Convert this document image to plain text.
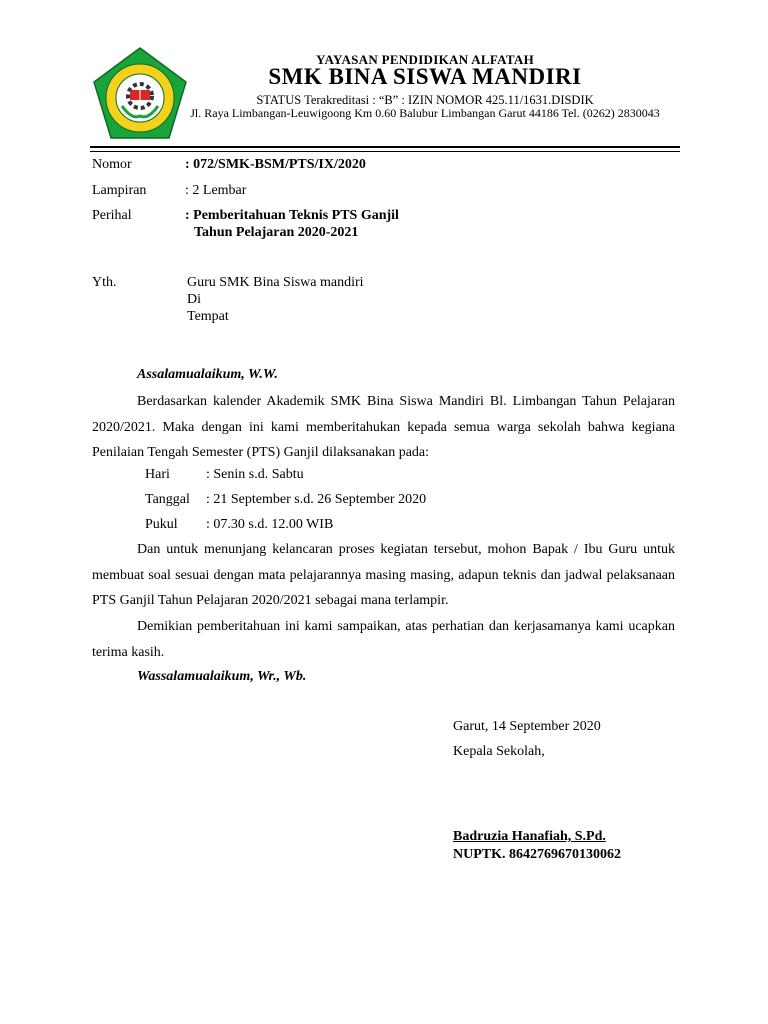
YAYASAN PENDIDIKAN ALFATAH
SMK BINA SISWA MANDIRI
STATUS Terakreditasi : “B” : IZIN NOMOR 425.11/1631.DISDIK
Jl. Raya Limbangan-Leuwigoong Km 0.60 Balubur Limbangan Garut 44186 Tel. (0262) 2830043
Nomor	: 072/SMK-BSM/PTS/IX/2020
Lampiran	: 2 Lembar
Perihal	: Pemberitahuan Teknis PTS Ganjil
Tahun Pelajaran 2020-2021
Yth.	Guru SMK Bina Siswa mandiri
Di
Tempat
Assalamualaikum, W.W.
Berdasarkan kalender Akademik SMK Bina Siswa Mandiri Bl. Limbangan Tahun Pelajaran 2020/2021. Maka dengan ini kami memberitahukan kepada semua warga sekolah bahwa kegiana Penilaian Tengah Semester (PTS) Ganjil dilaksanakan pada:
Hari	: Senin s.d. Sabtu
Tanggal : 21 September s.d. 26 September 2020
Pukul : 07.30 s.d. 12.00 WIB
Dan untuk menunjang kelancaran proses kegiatan tersebut, mohon Bapak / Ibu Guru untuk membuat soal sesuai dengan mata pelajarannya masing masing, adapun teknis dan jadwal pelaksanaan PTS Ganjil Tahun Pelajaran 2020/2021 sebagai mana terlampir.
Demikian pemberitahuan ini kami sampaikan, atas perhatian dan kerjasamanya kami ucapkan terima kasih.
Wassalamualaikum, Wr., Wb.
Garut, 14 September 2020
Kepala Sekolah,
Badruzia Hanafiah, S.Pd.
NUPTK. 8642769670130062
